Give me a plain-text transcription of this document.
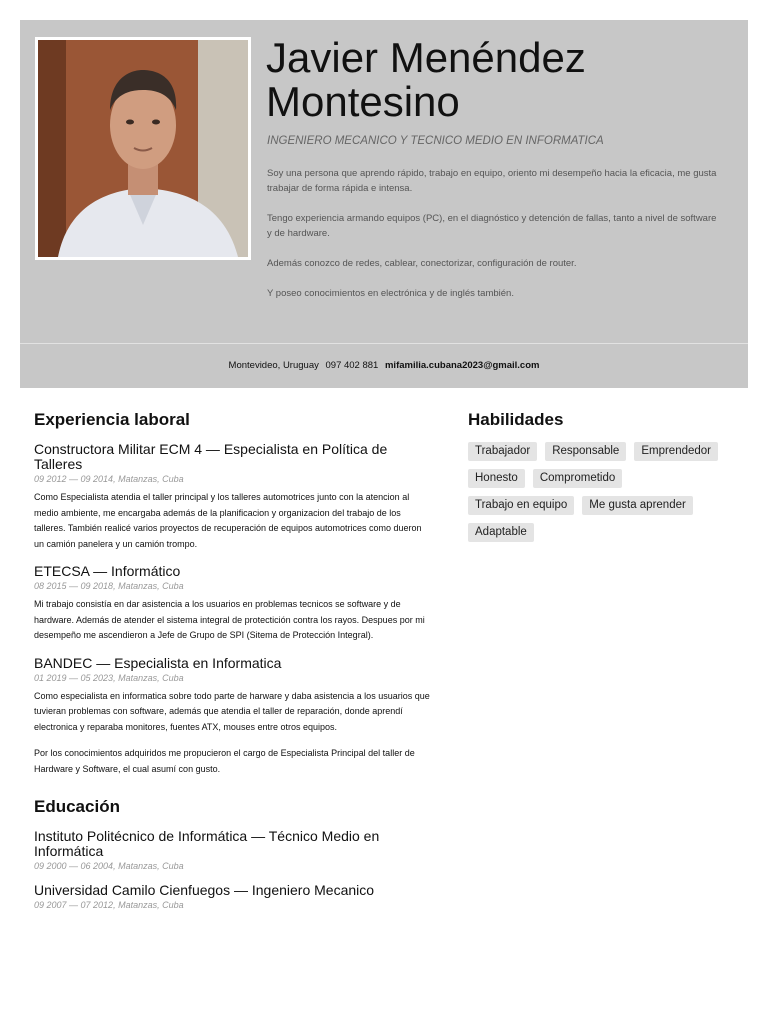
Javier Menéndez
Montesino
INGENIERO MECANICO Y TECNICO MEDIO EN INFORMATICA

Soy una persona que aprendo rápido, trabajo en equipo, oriento mi desempeño hacia la eficacia, me gusta trabajar de forma rápida e intensa.

Tengo experiencia armando equipos (PC), en el diagnóstico y detención de fallas, tanto a nivel de software y de hardware.

Además conozco de redes, cablear, conectorizar, configuración de router.

Y poseo conocimientos en electrónica y de inglés también.

Montevideo, Uruguay 097 402 881 mifamilia.cubana2023@gmail.com
Experiencia laboral
Constructora Militar ECM 4 — Especialista en Política de Talleres
09 2012 — 09 2014, Matanzas, Cuba

Como Especialista atendia el taller principal y los talleres automotrices junto con la atencion al medio ambiente, me encargaba además de la planificacion y organizacion del trabajo de los talleres. También realicé varios proyectos de recuperación de equipos automotrices como dueron un camión panelera y un camión trompo.

ETECSA — Informático
08 2015 — 09 2018, Matanzas, Cuba

Mi trabajo consistía en dar asistencia a los usuarios en problemas tecnicos se software y de hardware. Además de atender el sistema integral de protectición contra los rayos. Despues por mi desempeño me ascendieron a Jefe de Grupo de SPI (Sitema de Protección Integral).

BANDEC — Especialista en Informatica
01 2019 — 05 2023, Matanzas, Cuba

Como especialista en informatica sobre todo parte de harware y daba asistencia a los usuarios que tuvieran problemas con software, además que atendia el taller de reparación, donde aprendí electronica y reparaba monitores, fuentes ATX, mouses entre otros equipos.

Por los conocimientos adquiridos me propucieron el cargo de Especialista Principal del taller de Hardware y Software, el cual asumí con gusto.

Educación
Instituto Politécnico de Informática — Técnico Medio en Informática
09 2000 — 06 2004, Matanzas, Cuba
Universidad Camilo Cienfuegos — Ingeniero Mecanico
09 2007 — 07 2012, Matanzas, Cuba
Habilidades
Trabajador	Responsable	Emprendedor
Honesto	Comprometido
Trabajo en equipo	Me gusta aprender
Adaptable
